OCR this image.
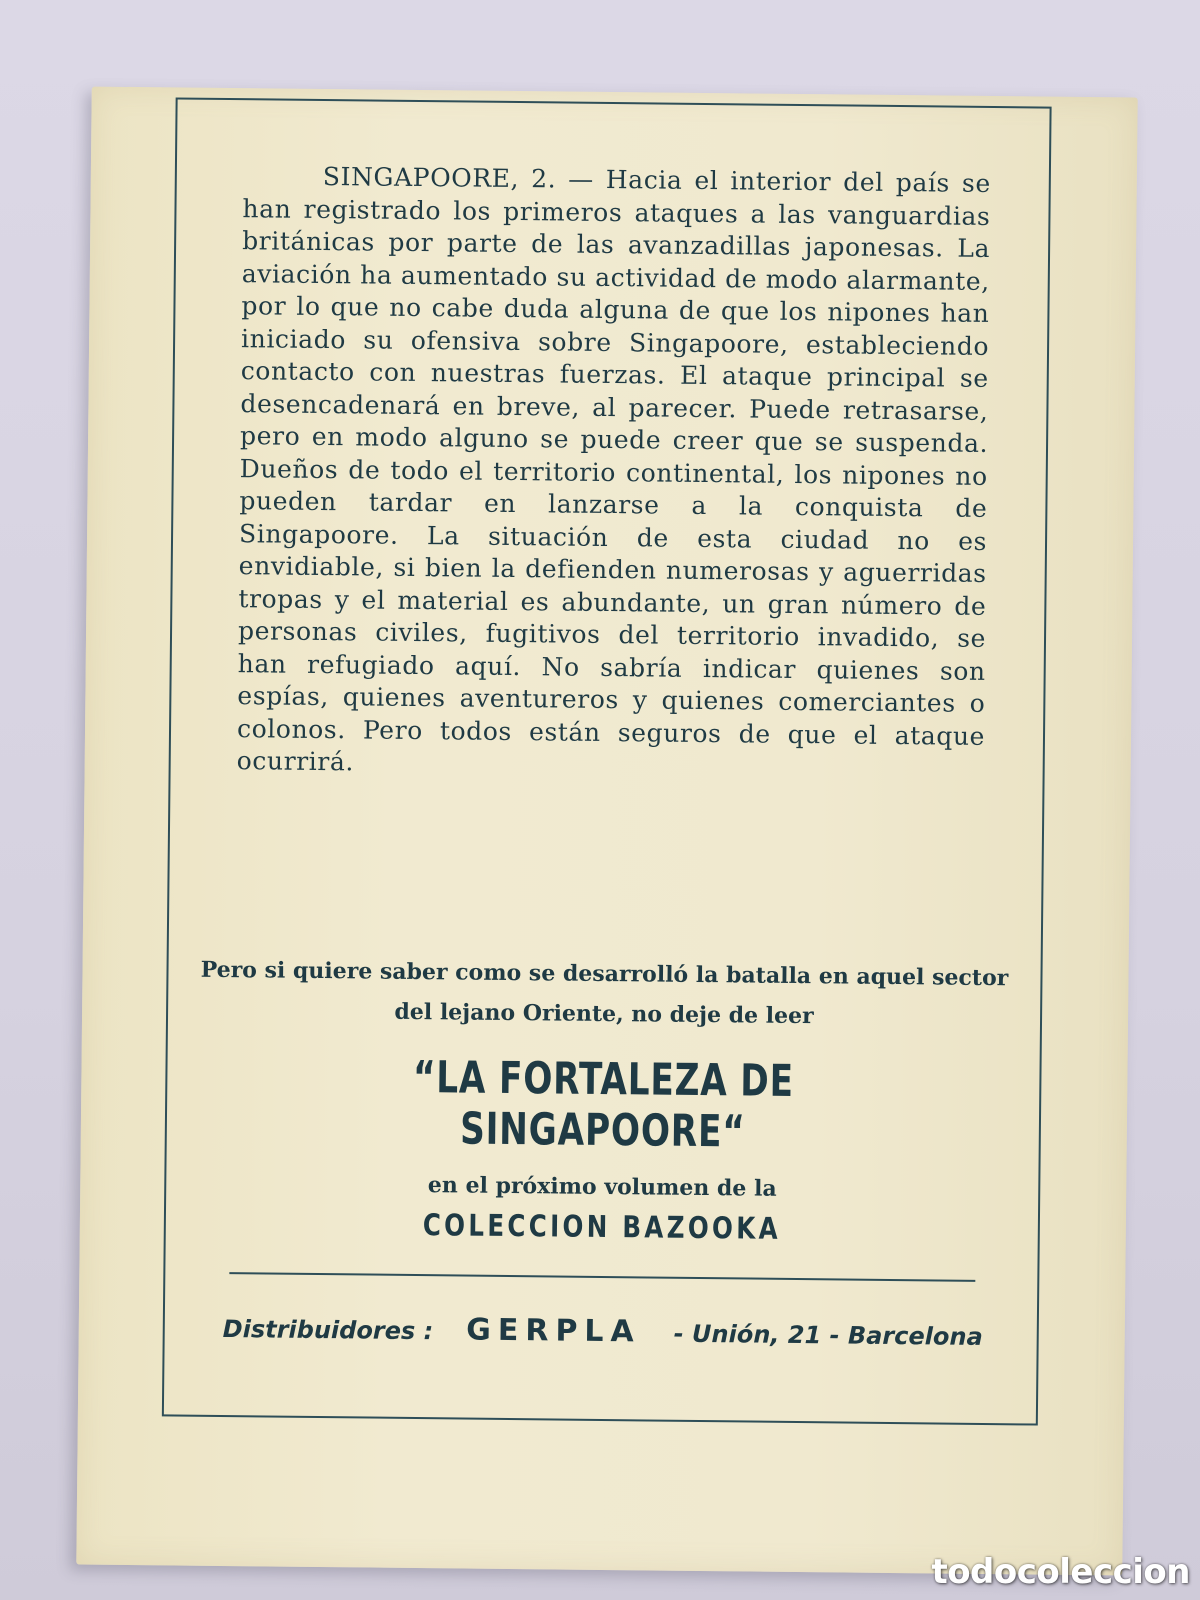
SINGAPOORE, 2. — Hacia el interior del país se han registrado los primeros ataques a las vanguardias británicas por parte de las avanzadillas japonesas. La aviación ha aumentado su actividad de modo alarmante, por lo que no cabe duda alguna de que los nipones han iniciado su ofensiva sobre Singapoore, estableciendo contacto con nuestras fuerzas. El ataque principal se desencadenará en breve, al parecer. Puede retrasarse, pero en modo alguno se puede creer que se suspenda. Dueños de todo el territorio continental, los nipones no pueden tardar en lanzarse a la conquista de Singapoore. La situación de esta ciudad no es envidiable, si bien la defienden numerosas y aguerridas tropas y el material es abundante, un gran número de personas civiles, fugitivos del territorio invadido, se han refugiado aquí. No sabría indicar quienes son espías, quienes aventureros y quienes comerciantes o colonos. Pero todos están seguros de que el ataque ocurrirá.
Pero si quiere saber como se desarrolló la batalla en aquel sector del lejano Oriente, no deje de leer
“LA FORTALEZA DE SINGAPOORE“
en el próximo volumen de la
COLECCION BAZOOKA
Distribuidores : GERPLA - Unión, 21 - Barcelona
todocoleccion
